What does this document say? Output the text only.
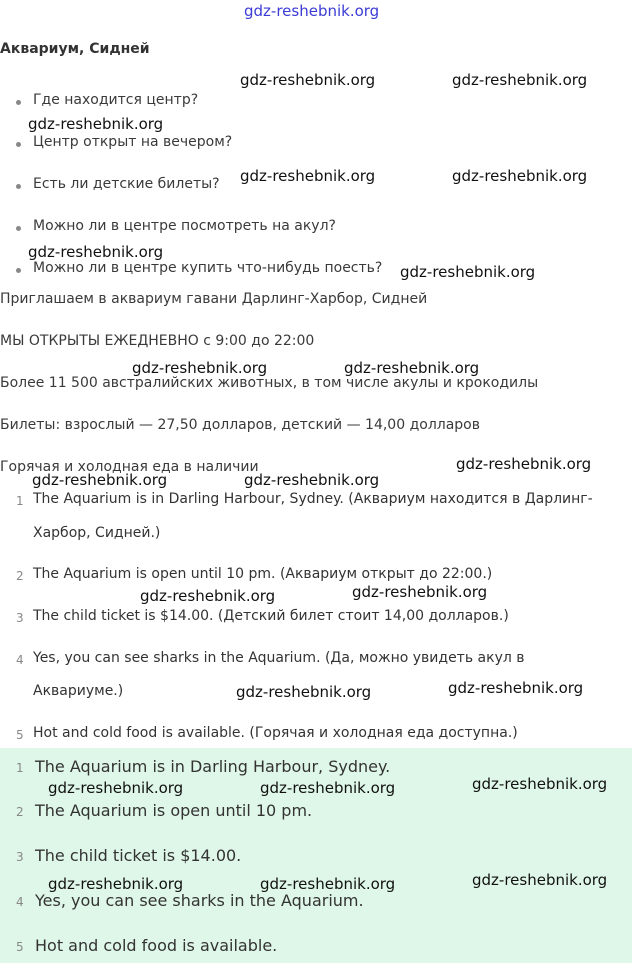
gdz-reshebnik.org
Аквариум, Сидней
Где находится центр?
Центр открыт на вечером?
Есть ли детские билеты?
Можно ли в центре посмотреть на акул?
Можно ли в центре купить что-нибудь поесть?
Приглашаем в аквариум гавани Дарлинг-Харбор, Сидней
МЫ ОТКРЫТЫ ЕЖЕДНЕВНО с 9:00 до 22:00
Более 11 500 австралийских животных, в том числе акулы и крокодилы
Билеты: взрослый — 27,50 долларов, детский — 14,00 долларов
Горячая и холодная еда в наличии
1 The Aquarium is in Darling Harbour, Sydney. (Аквариум находится в Дарлинг-
Харбор, Сидней.)
2 The Aquarium is open until 10 pm. (Аквариум открыт до 22:00.)
3 The child ticket is $14.00. (Детский билет стоит 14,00 долларов.)
4 Yes, you can see sharks in the Aquarium. (Да, можно увидеть акул в
Аквариуме.)
5 Hot and cold food is available. (Горячая и холодная еда доступна.)
1 The Aquarium is in Darling Harbour, Sydney.
2 The Aquarium is open until 10 pm.
3 The child ticket is $14.00.
4 Yes, you can see sharks in the Aquarium.
5 Hot and cold food is available.
gdz-reshebnik.org	gdz-reshebnik.org
gdz-reshebnik.org
gdz-reshebnik.org	gdz-reshebnik.org
gdz-reshebnik.org
gdz-reshebnik.org
gdz-reshebnik.org	gdz-reshebnik.org
gdz-reshebnik.org
gdz-reshebnik.org	gdz-reshebnik.org
gdz-reshebnik.org	gdz-reshebnik.org
gdz-reshebnik.org	gdz-reshebnik.org
gdz-reshebnik.org	gdz-reshebnik.org	gdz-reshebnik.org
gdz-reshebnik.org	gdz-reshebnik.org	gdz-reshebnik.org
